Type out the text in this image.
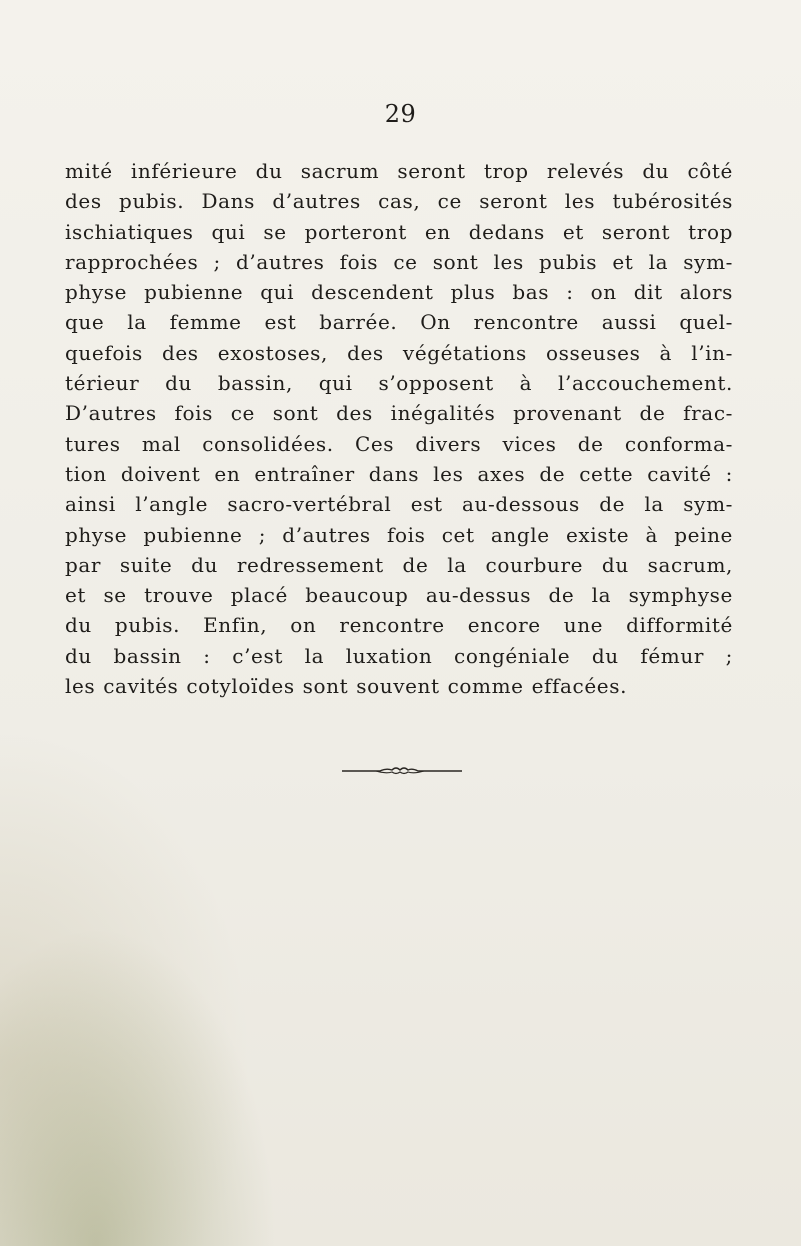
29
mité inférieure du sacrum seront trop relevés du côté
des pubis. Dans d’autres cas, ce seront les tubérosités
ischiatiques qui se porteront en dedans et seront trop
rapprochées ; d’autres fois ce sont les pubis et la sym-
physe pubienne qui descendent plus bas : on dit alors
que la femme est barrée. On rencontre aussi quel-
quefois des exostoses, des végétations osseuses à l’in-
térieur du bassin, qui s’opposent à l’accouchement.
D’autres fois ce sont des inégalités provenant de frac-
tures mal consolidées. Ces divers vices de conforma-
tion doivent en entraîner dans les axes de cette cavité :
ainsi l’angle sacro-vertébral est au-dessous de la sym-
physe pubienne ; d’autres fois cet angle existe à peine
par suite du redressement de la courbure du sacrum,
et se trouve placé beaucoup au-dessus de la symphyse
du pubis. Enfin, on rencontre encore une difformité
du bassin : c’est la luxation congéniale du fémur ;
les cavités cotyloïdes sont souvent comme effacées.
